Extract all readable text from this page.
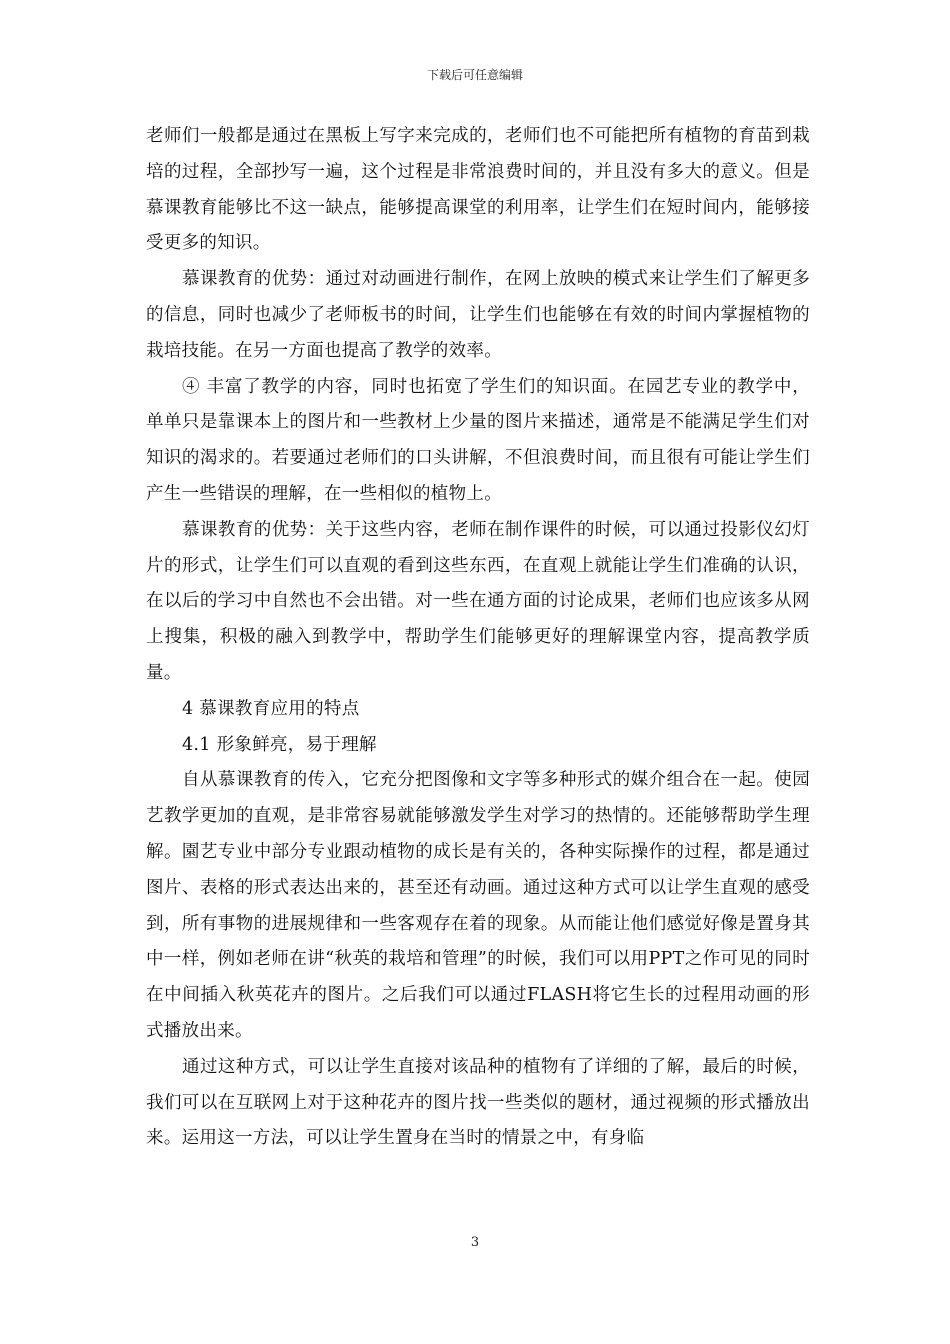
下载后可任意编辑

老师们一般都是通过在黑板上写字来完成的，老师们也不可能把所有植物的育苗到栽培的过程，全部抄写一遍，这个过程是非常浪费时间的，并且没有多大的意义。但是慕课教育能够比不这一缺点，能够提高课堂的利用率，让学生们在短时间内，能够接受更多的知识。

慕课教育的优势：通过对动画进行制作，在网上放映的模式来让学生们了解更多的信息，同时也减少了老师板书的时间，让学生们也能够在有效的时间内掌握植物的栽培技能。在另一方面也提高了教学的效率。

④ 丰富了教学的内容，同时也拓宽了学生们的知识面。在园艺专业的教学中，单单只是靠课本上的图片和一些教材上少量的图片来描述，通常是不能满足学生们对知识的渴求的。若要通过老师们的口头讲解，不但浪费时间，而且很有可能让学生们产生一些错误的理解，在一些相似的植物上。

慕课教育的优势：关于这些内容，老师在制作课件的时候，可以通过投影仪幻灯片的形式，让学生们可以直观的看到这些东西，在直观上就能让学生们准确的认识，在以后的学习中自然也不会出错。对一些在通方面的讨论成果，老师们也应该多从网上搜集，积极的融入到教学中，帮助学生们能够更好的理解课堂内容，提高教学质量。

4 慕课教育应用的特点

4.1 形象鲜亮，易于理解

自从慕课教育的传入，它充分把图像和文字等多种形式的媒介组合在一起。使园艺教学更加的直观，是非常容易就能够激发学生对学习的热情的。还能够帮助学生理解。園艺专业中部分专业跟动植物的成长是有关的，各种实际操作的过程，都是通过图片、表格的形式表达出来的，甚至还有动画。通过这种方式可以让学生直观的感受到，所有事物的进展规律和一些客观存在着的现象。从而能让他们感觉好像是置身其中一样，例如老师在讲“秋英的栽培和管理”的时候，我们可以用PPT之作可见的同时在中间插入秋英花卉的图片。之后我们可以通过FLASH将它生长的过程用动画的形式播放出来。

通过这种方式，可以让学生直接对该品种的植物有了详细的了解，最后的时候，我们可以在互联网上对于这种花卉的图片找一些类似的题材，通过视频的形式播放出来。运用这一方法，可以让学生置身在当时的情景之中，有身临

3
